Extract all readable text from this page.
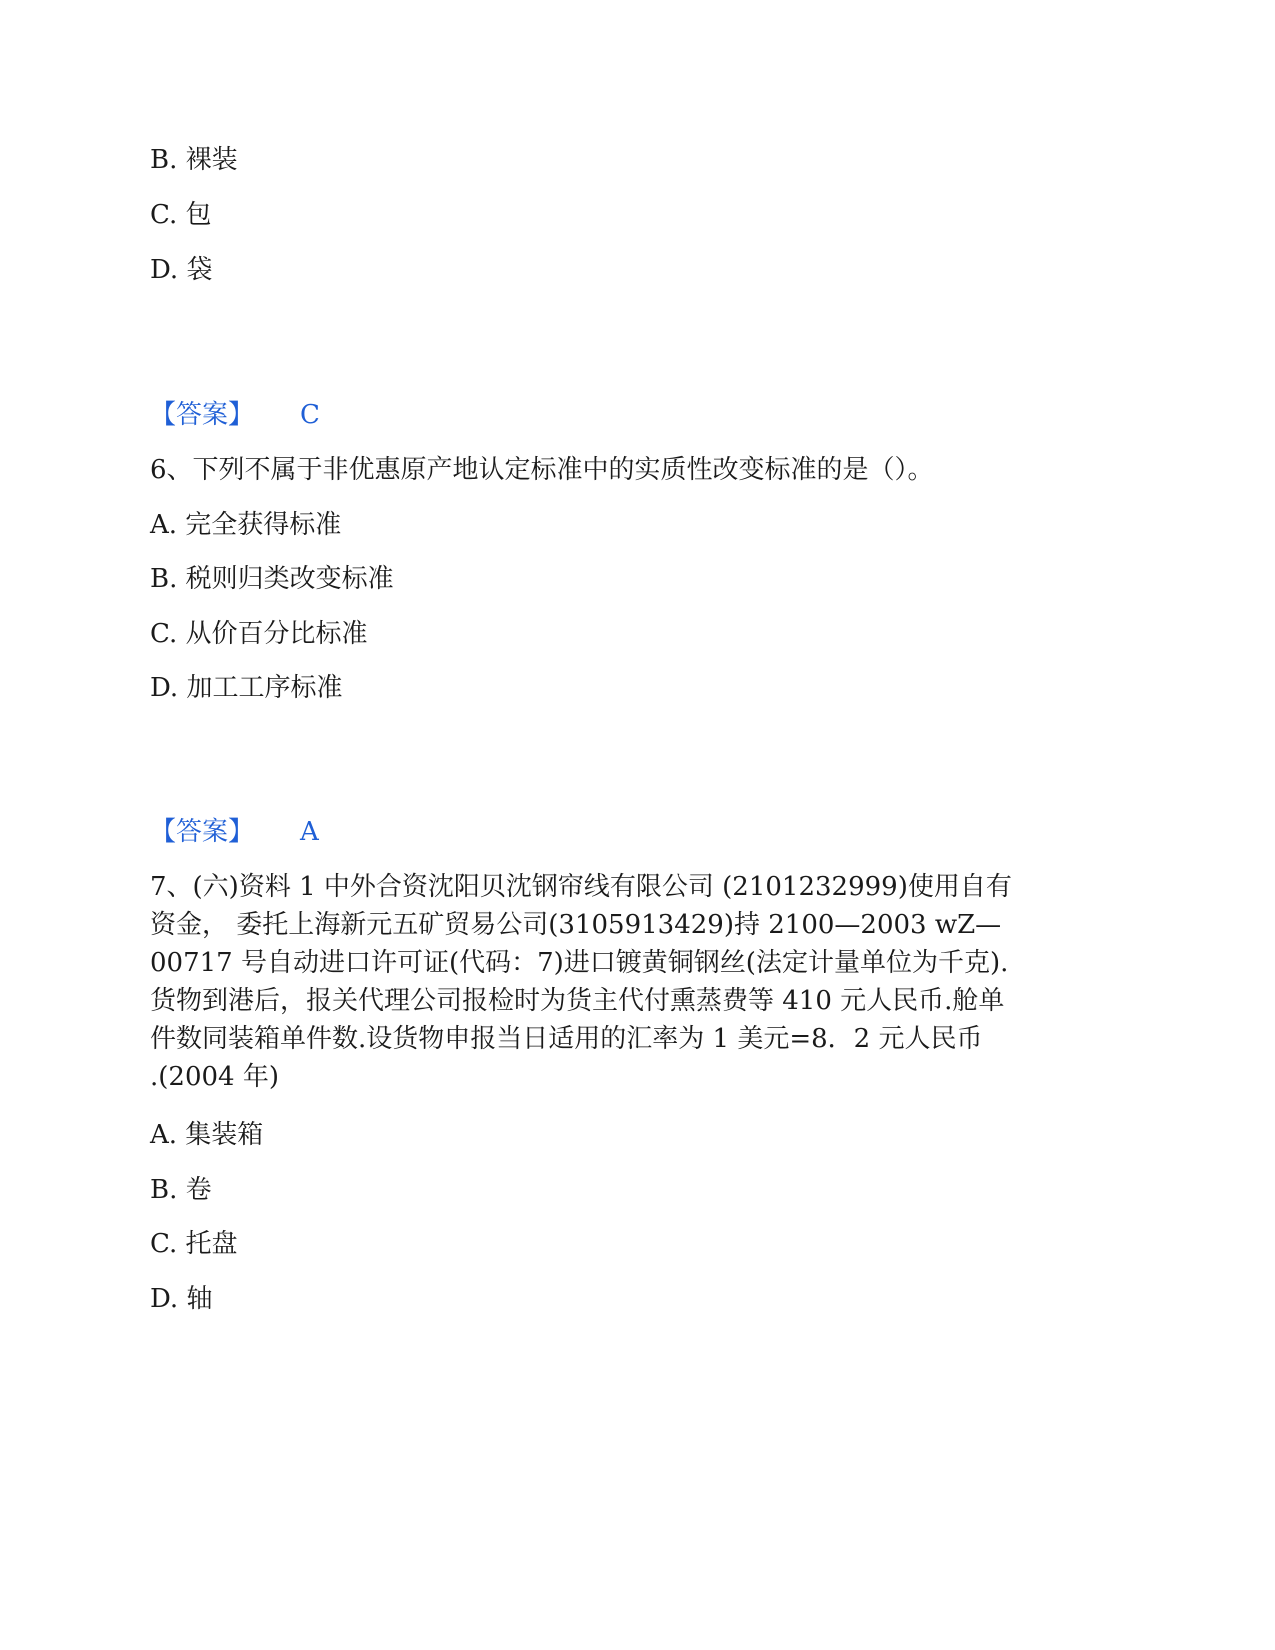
B. 裸装
C. 包
D. 袋
【答案】 C
6、下列不属于非优惠原产地认定标准中的实质性改变标准的是（）。
A. 完全获得标准
B. 税则归类改变标准
C. 从价百分比标准
D. 加工工序标准
【答案】 A
7、(六)资料 1 中外合资沈阳贝沈钢帘线有限公司 (2101232999)使用自有
资金， 委托上海新元五矿贸易公司(3105913429)持 2100—2003 wZ—
00717 号自动进口许可证(代码：7)进口镀黄铜钢丝(法定计量单位为千克).
货物到港后，报关代理公司报检时为货主代付熏蒸费等 410 元人民币.舱单
件数同装箱单件数.设货物申报当日适用的汇率为 1 美元=8．2 元人民币
.(2004 年)
A. 集装箱
B. 卷
C. 托盘
D. 轴
